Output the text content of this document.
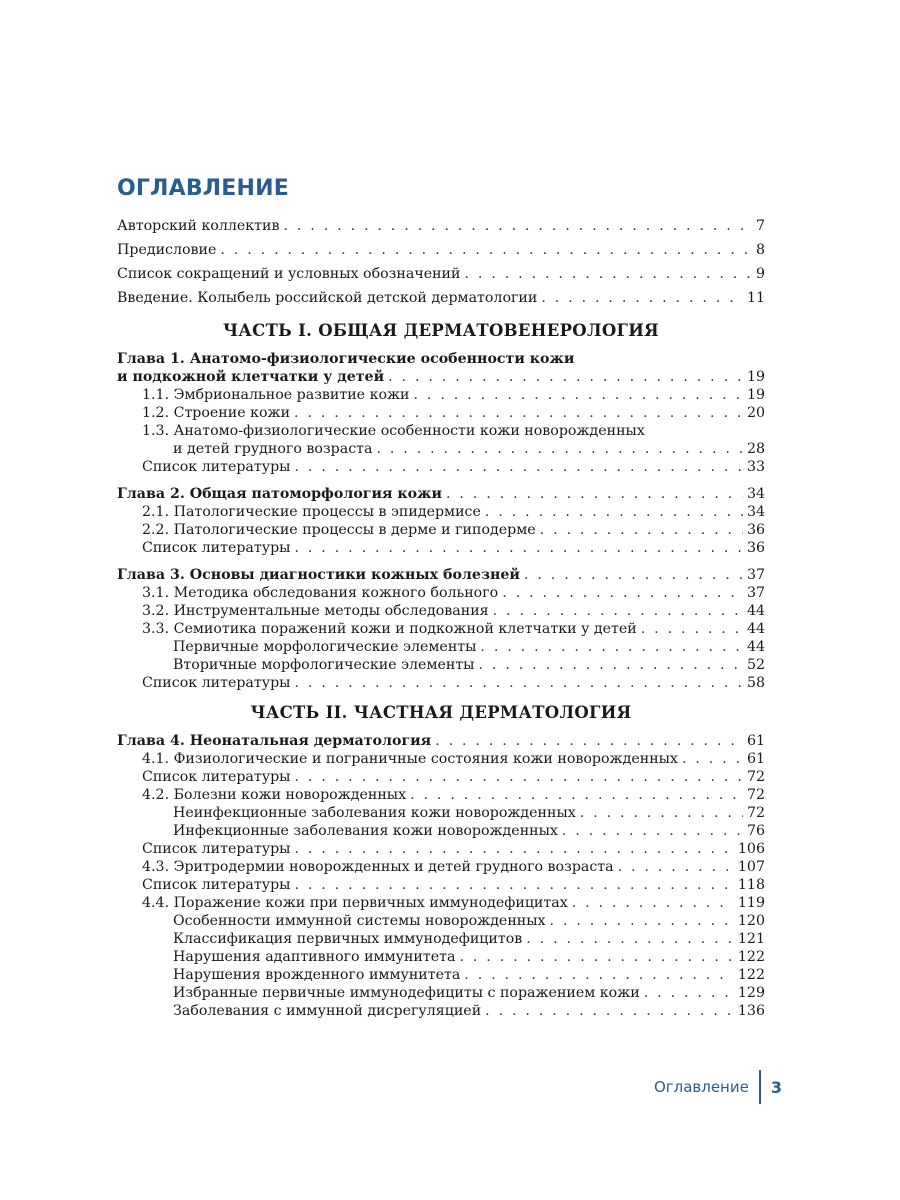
ОГЛАВЛЕНИЕ
Авторский коллектив . . .	7
Предисловие . . .	8
Список сокращений и условных обозначений . . .	9
Введение. Колыбель российской детской дерматологии . . .	11
ЧАСТЬ I. ОБЩАЯ ДЕРМАТОВЕНЕРОЛОГИЯ
Глава 1. Анатомо-физиологические особенности кожи
и подкожной клетчатки у детей . . .	19
1.1. Эмбриональное развитие кожи . . .	19
1.2. Строение кожи . . .	20
1.3. Анатомо-физиологические особенности кожи новорожденных
и детей грудного возраста . . .	28
Список литературы . . .	33
Глава 2. Общая патоморфология кожи . . .	34
2.1. Патологические процессы в эпидермисе . . .	34
2.2. Патологические процессы в дерме и гиподерме . . .	36
Список литературы . . .	36
Глава 3. Основы диагностики кожных болезней . . .	37
3.1. Методика обследования кожного больного . . .	37
3.2. Инструментальные методы обследования . . .	44
3.3. Семиотика поражений кожи и подкожной клетчатки у детей . . .	44
Первичные морфологические элементы . . .	44
Вторичные морфологические элементы . . .	52
Список литературы . . .	58
ЧАСТЬ II. ЧАСТНАЯ ДЕРМАТОЛОГИЯ
Глава 4. Неонатальная дерматология . . .	61
4.1. Физиологические и пограничные состояния кожи новорожденных . . .	61
Список литературы . . .	72
4.2. Болезни кожи новорожденных . . .	72
Неинфекционные заболевания кожи новорожденных . . .	72
Инфекционные заболевания кожи новорожденных . . .	76
Список литературы . . .	106
4.3. Эритродермии новорожденных и детей грудного возраста . . .	107
Список литературы . . .	118
4.4. Поражение кожи при первичных иммунодефицитах . . .	119
Особенности иммунной системы новорожденных . . .	120
Классификация первичных иммунодефицитов . . .	121
Нарушения адаптивного иммунитета . . .	122
Нарушения врожденного иммунитета . . .	122
Избранные первичные иммунодефициты с поражением кожи . . .	129
Заболевания с иммунной дисрегуляцией . . .	136
Оглавление 3
